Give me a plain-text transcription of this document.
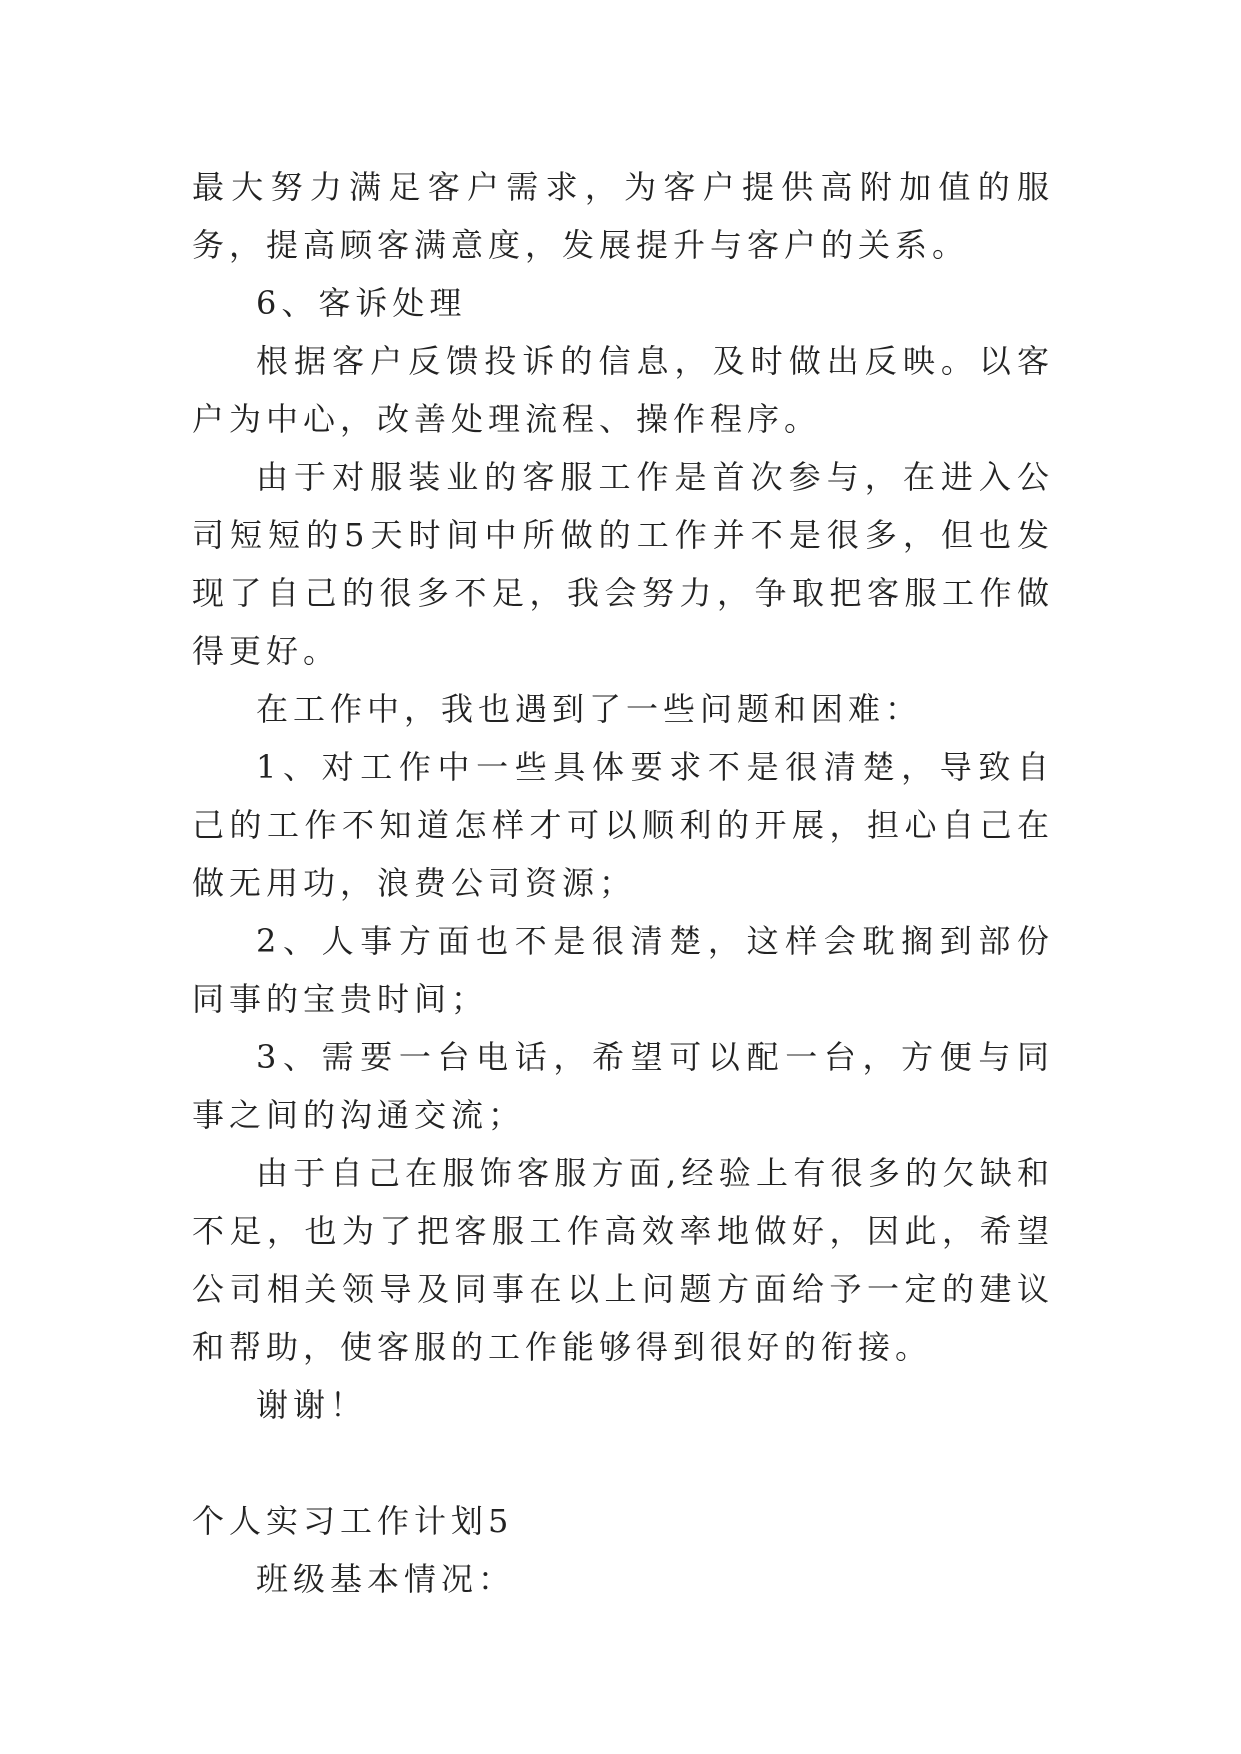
最大努力满足客户需求，为客户提供高附加值的服务，提高顾客满意度，发展提升与客户的关系。

6、客诉处理

根据客户反馈投诉的信息，及时做出反映。以客户为中心，改善处理流程、操作程序。

由于对服装业的客服工作是首次参与，在进入公司短短的5天时间中所做的工作并不是很多，但也发现了自己的很多不足，我会努力，争取把客服工作做得更好。

在工作中，我也遇到了一些问题和困难：

1、对工作中一些具体要求不是很清楚，导致自己的工作不知道怎样才可以顺利的开展，担心自己在做无用功，浪费公司资源；

2、人事方面也不是很清楚，这样会耽搁到部份同事的宝贵时间；

3、需要一台电话，希望可以配一台，方便与同事之间的沟通交流；

由于自己在服饰客服方面,经验上有很多的欠缺和不足，也为了把客服工作高效率地做好，因此，希望公司相关领导及同事在以上问题方面给予一定的建议和帮助，使客服的工作能够得到很好的衔接。

谢谢！

个人实习工作计划5

班级基本情况：
